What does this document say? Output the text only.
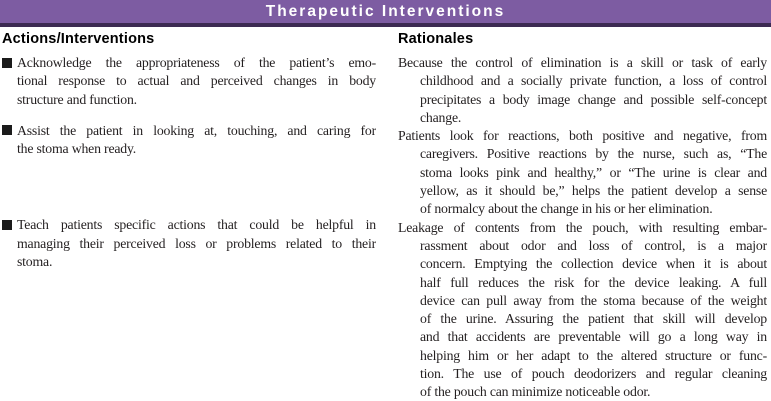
Therapeutic Interventions
Actions/Interventions
Acknowledge the appropriateness of the patient’s emo-
tional response to actual and perceived changes in body
structure and function.
Assist the patient in looking at, touching, and caring for
the stoma when ready.
Teach patients specific actions that could be helpful in
managing their perceived loss or problems related to their
stoma.
Rationales
Because the control of elimination is a skill or task of early
childhood and a socially private function, a loss of control
precipitates a body image change and possible self-concept
change.
Patients look for reactions, both positive and negative, from
caregivers. Positive reactions by the nurse, such as, “The
stoma looks pink and healthy,” or “The urine is clear and
yellow, as it should be,” helps the patient develop a sense
of normalcy about the change in his or her elimination.
Leakage of contents from the pouch, with resulting embar-
rassment about odor and loss of control, is a major
concern. Emptying the collection device when it is about
half full reduces the risk for the device leaking. A full
device can pull away from the stoma because of the weight
of the urine. Assuring the patient that skill will develop
and that accidents are preventable will go a long way in
helping him or her adapt to the altered structure or func-
tion. The use of pouch deodorizers and regular cleaning
of the pouch can minimize noticeable odor.
